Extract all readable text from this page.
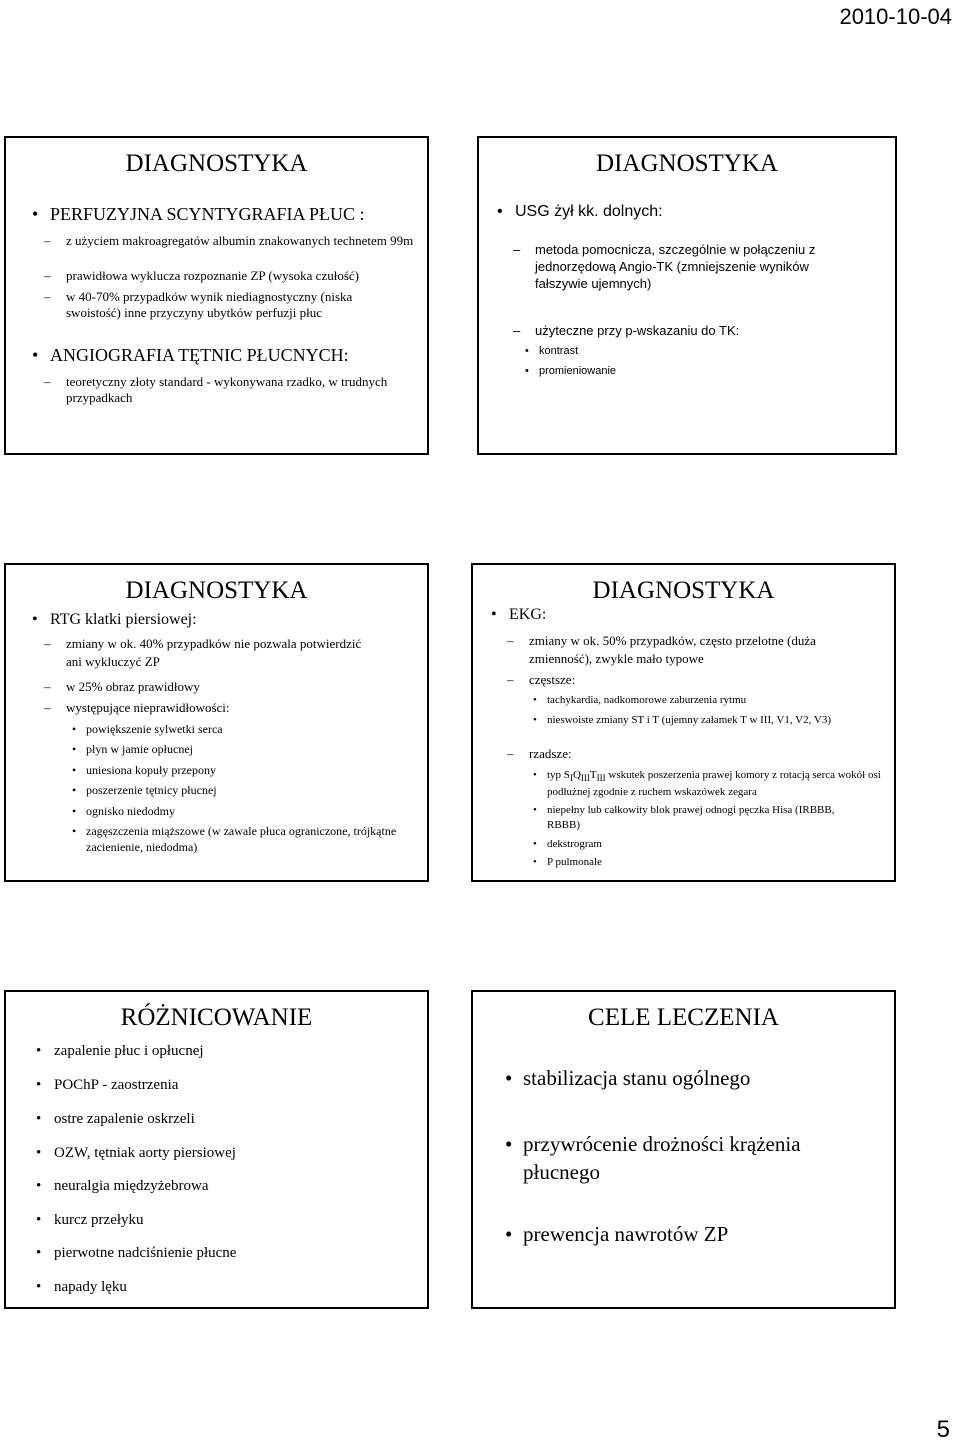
2010-10-04
DIAGNOSTYKA
• PERFUZYJNA SCYNTYGRAFIA PŁUC :
– z użyciem makroagregatów albumin znakowanych technetem 99m
– prawidłowa wyklucza rozpoznanie ZP (wysoka czułość)
– w 40-70% przypadków wynik niediagnostyczny (niska swoistość) inne przyczyny ubytków perfuzji płuc
• ANGIOGRAFIA TĘTNIC PŁUCNYCH:
– teoretyczny złoty standard - wykonywana rzadko, w trudnych przypadkach
DIAGNOSTYKA
• USG żył kk. dolnych:
– metoda pomocnicza, szczególnie w połączeniu z jednorzędową Angio-TK (zmniejszenie wyników fałszywie ujemnych)
– użyteczne przy p-wskazaniu do TK:
• kontrast
• promieniowanie
DIAGNOSTYKA
• RTG klatki piersiowej:
– zmiany w ok. 40% przypadków nie pozwala potwierdzić ani wykluczyć ZP
– w 25% obraz prawidłowy
– występujące nieprawidłowości:
• powiększenie sylwetki serca
• płyn w jamie opłucnej
• uniesiona kopuły przepony
• poszerzenie tętnicy płucnej
• ognisko niedodmy
• zagęszczenia miąższowe (w zawale płuca ograniczone, trójkątne zacienienie, niedodma)
DIAGNOSTYKA
• EKG:
– zmiany w ok. 50% przypadków, często przelotne (duża zmienność), zwykle mało typowe
– częstsze:
• tachykardia, nadkomorowe zaburzenia rytmu
• nieswoiste zmiany ST i T (ujemny załamek T w III, V1, V2, V3)
– rzadsze:
• typ $S_IQ_{III}T_{III}$ wskutek poszerzenia prawej komory z rotacją serca wokół osi podłużnej zgodnie z ruchem wskazówek zegara
• niepełny lub całkowity blok prawej odnogi pęczka Hisa (IRBBB, RBBB)
• dekstrogram
• P pulmonale
RÓŻNICOWANIE
• zapalenie płuc i opłucnej
• POChP - zaostrzenia
• ostre zapalenie oskrzeli
• OZW, tętniak aorty piersiowej
• neuralgia międzyżebrowa
• kurcz przełyku
• pierwotne nadciśnienie płucne
• napady lęku
CELE LECZENIA
• stabilizacja stanu ogólnego
• przywrócenie drożności krążenia płucnego
• prewencja nawrotów ZP
5
